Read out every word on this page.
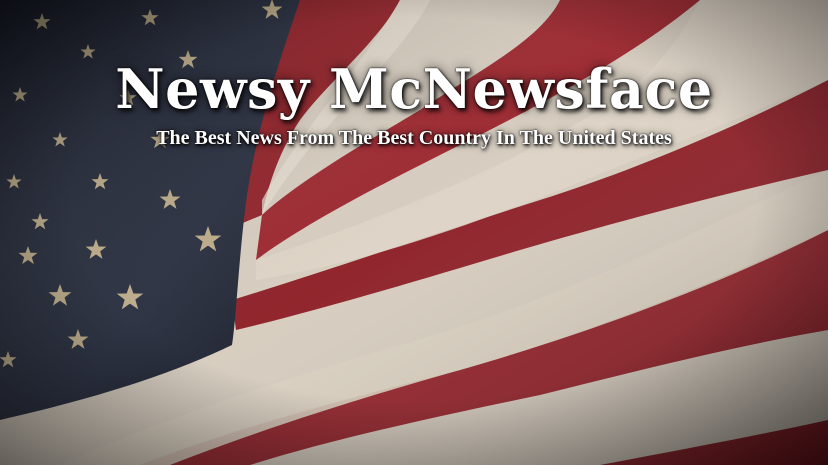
Newsy McNewsface

The Best News From The Best Country In The United States
